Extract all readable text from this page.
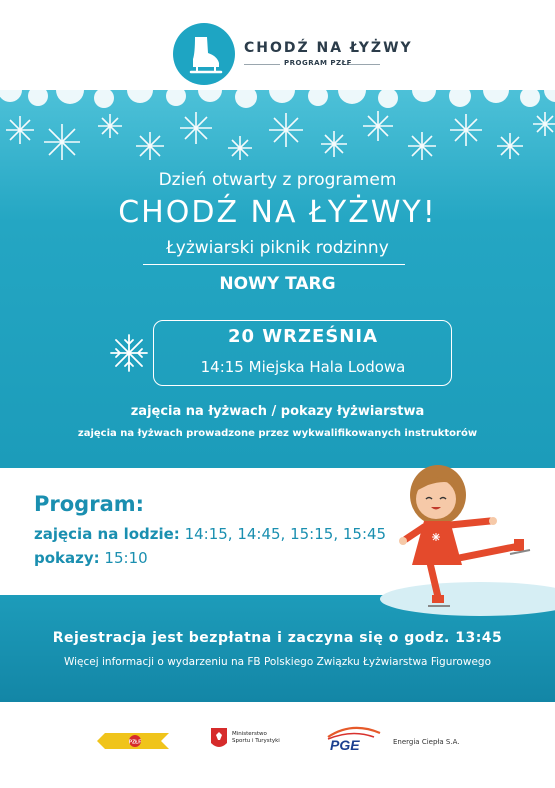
CHODŹ NA ŁYŻWY
PROGRAM PZŁF
Dzień otwarty z programem
CHODŹ NA ŁYŻWY!
Łyżwiarski piknik rodzinny
NOWY TARG
20 WRZEŚNIA
14:15 Miejska Hala Lodowa
zajęcia na łyżwach / pokazy łyżwiarstwa
zajęcia na łyżwach prowadzone przez wykwalifikowanych instruktorów
Program:
zajęcia na lodzie: 14:15, 14:45, 15:15, 15:45
pokazy: 15:10
Rejestracja jest bezpłatna i zaczyna się o godz. 13:45
Więcej informacji o wydarzeniu na FB Polskiego Związku Łyżwiarstwa Figurowego
PZŁF
Ministerstwo
Sportu i Turystyki	PGE	Energia Ciepła S.A.
